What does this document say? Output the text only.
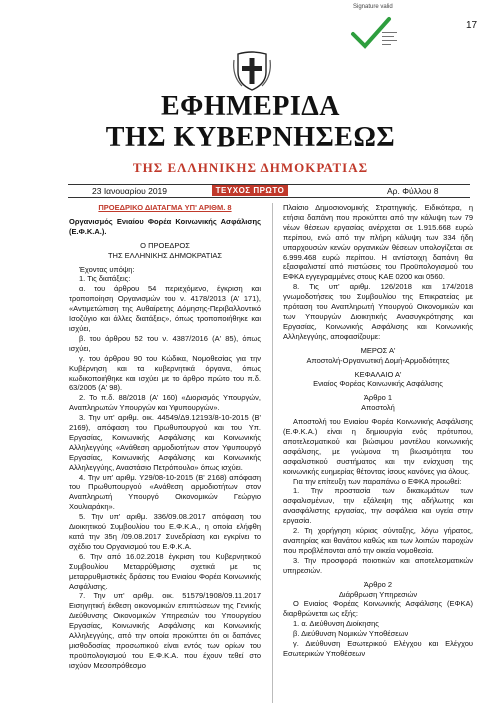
Signature valid
▬▬▬▬▬
▬▬▬▬
▬▬▬▬▬
▬▬▬
17
ΕΦΗΜΕΡΙΔΑ
ΤΗΣ ΚΥΒΕΡΝΗΣΕΩΣ
ΤΗΣ ΕΛΛΗΝΙΚΗΣ ΔΗΜΟΚΡΑΤΙΑΣ
23 Ιανουαρίου 2019	ΤΕΥΧΟΣ ΠΡΩΤΟ	Αρ. Φύλλου 8

ΠΡΟΕΔΡΙΚΟ ΔΙΑΤΑΓΜΑ ΥΠ' ΑΡΙΘΜ. 8

Οργανισμός Ενιαίου Φορέα Κοινωνικής Ασφάλισης (Ε.Φ.Κ.Α.).

Ο ΠΡΟΕΔΡΟΣ

ΤΗΣ ΕΛΛΗΝΙΚΗΣ ΔΗΜΟΚΡΑΤΙΑΣ

Έχοντας υπόψη:

1. Τις διατάξεις:

α. του άρθρου 54 περιεχόμενο, έγκριση και τροποποίηση Οργανισμών του ν. 4178/2013 (Α' 171), «Αντιμετώπιση της Αυθαίρετης Δόμησης-Περιβαλλοντικό Ισοζύγιο και άλλες διατάξεις», όπως τροποποιήθηκε και ισχύει,

β. του άρθρου 52 του ν. 4387/2016 (Α' 85), όπως ισχύει,

γ. του άρθρου 90 του Κώδικα, Νομοθεσίας για την Κυβέρνηση και τα κυβερνητικά όργανα, όπως κωδικοποιήθηκε και ισχύει με το άρθρο πρώτο του π.δ. 63/2005 (Α' 98).

2. Το π.δ. 88/2018 (Α' 160) «Διορισμός Υπουργών, Αναπληρωτών Υπουργών και Υφυπουργών».

3. Την υπ' αριθμ. οικ. 44549/Δ9.12193/8-10-2015 (Β' 2169), απόφαση του Πρωθυπουργού και του Υπ. Εργασίας, Κοινωνικής Ασφάλισης και Κοινωνικής Αλληλεγγύης «Ανάθεση αρμοδιοτήτων στον Υφυπουργό Εργασίας, Κοινωνικής Ασφάλισης και Κοινωνικής Αλληλεγγύης, Αναστάσιο Πετρόπουλο» όπως ισχύει.

4. Την υπ' αριθμ. Υ29/08-10-2015 (Β' 2168) απόφαση του Πρωθυπουργού «Ανάθεση αρμοδιοτήτων στον Αναπληρωτή Υπουργό Οικονομικών Γεώργιο Χουλιαράκη».

5. Την υπ' αριθμ. 336/09.08.2017 απόφαση του Διοικητικού Συμβουλίου του Ε.Φ.Κ.Α., η οποία ελήφθη κατά την 35η /09.08.2017 Συνεδρίαση και εγκρίνει το σχέδιο του Οργανισμού του Ε.Φ.Κ.Α.

6. Την από 16.02.2018 έγκριση του Κυβερνητικού Συμβουλίου Μεταρρύθμισης σχετικά με τις μεταρρυθμιστικές δράσεις του Ενιαίου Φορέα Κοινωνικής Ασφάλισης.

7. Την υπ' αριθμ. οικ. 51579/1908/09.11.2017 Εισηγητική έκθεση οικονομικών επιπτώσεων της Γενικής Διεύθυνσης Οικονομικών Υπηρεσιών του Υπουργείου Εργασίας, Κοινωνικής Ασφάλισης και Κοινωνικής Αλληλεγγύης, από την οποία προκύπτει ότι οι δαπάνες μισθοδοσίας προσωπικού είναι εντός των ορίων του προϋπολογισμού του Ε.Φ.Κ.Α. που έχουν τεθεί στο ισχύον Μεσοπρόθεσμο

Πλαίσιο Δημοσιονομικής Στρατηγικής. Ειδικότερα, η ετήσια δαπάνη που προκύπτει από την κάλυψη των 79 νέων θέσεων εργασίας ανέρχεται σε 1.915.668 ευρώ περίπου, ενώ από την πλήρη κάλυψη των 334 ήδη υπαρχουσών κενών οργανικών θέσεων υπολογίζεται σε 6.999.468 ευρώ περίπου. Η αντίστοιχη δαπάνη θα εξασφαλιστεί από πιστώσεις του Προϋπολογισμού του ΕΦΚΑ εγγεγραμμένες στους ΚΑΕ 0200 και 0560.

8. Τις υπ' αριθμ. 126/2018 και 174/2018 γνωμοδοτήσεις του Συμβουλίου της Επικρατείας με πρόταση του Αναπληρωτή Υπουργού Οικονομικών και των Υπουργών Διοικητικής Ανασυγκρότησης και Εργασίας, Κοινωνικής Ασφάλισης και Κοινωνικής Αλληλεγγύης, αποφασίζουμε:

ΜΕΡΟΣ Α'

Αποστολή-Οργανωτική Δομή-Αρμοδιότητες

ΚΕΦΑΛΑΙΟ Α'

Ενιαίος Φορέας Κοινωνικής Ασφάλισης

Άρθρο 1

Αποστολή

Αποστολή του Ενιαίου Φορέα Κοινωνικής Ασφάλισης (Ε.Φ.Κ.Α.) είναι η δημιουργία ενός πρότυπου, αποτελεσματικού και βιώσιμου μοντέλου κοινωνικής ασφάλισης, με γνώμονα τη βιωσιμότητα του ασφαλιστικού συστήματος και την ενίσχυση της κοινωνικής ευημερίας θέτοντας ίσους κανόνες για όλους.

Για την επίτευξη των παραπάνω ο ΕΦΚΑ προωθεί:

1. Την προστασία των δικαιωμάτων των ασφαλισμένων, την εξάλειψη της αδήλωτης και ανασφάλιστης εργασίας, την ασφάλεια και υγεία στην εργασία.

2. Τη χορήγηση κύριας σύνταξης, λόγω γήρατος, αναπηρίας και θανάτου καθώς και των λοιπών παροχών που προβλέπονται από την οικεία νομοθεσία.

3. Την προσφορά ποιοτικών και αποτελεσματικών υπηρεσιών.

Άρθρο 2

Διάρθρωση Υπηρεσιών

Ο Ενιαίος Φορέας Κοινωνικής Ασφάλισης (ΕΦΚΑ) διαρθρώνεται ως εξής:

1. α. Διεύθυνση Διοίκησης

β. Διεύθυνση Νομικών Υποθέσεων

γ. Διεύθυνση Εσωτερικού Ελέγχου και Ελέγχου Εσωτερικών Υποθέσεων
